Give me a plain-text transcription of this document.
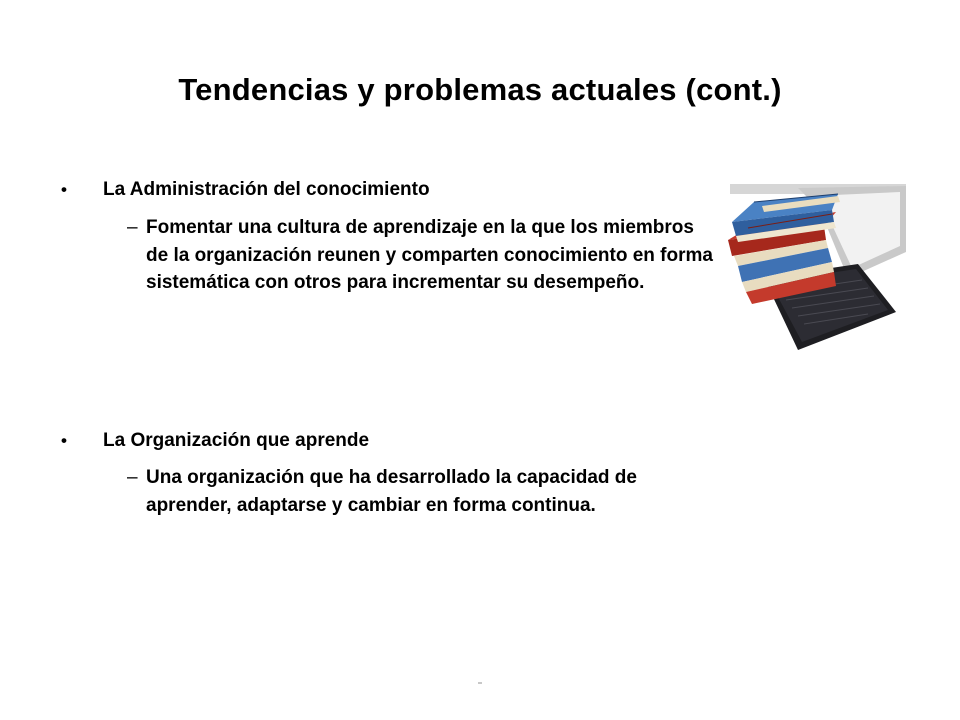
Tendencias y problemas actuales (cont.)
• La Administración del conocimiento
– Fomentar una cultura de aprendizaje en la que los miembros de la organización reunen y comparten conocimiento en forma sistemática con otros para incrementar su desempeño.
• La Organización que aprende
– Una organización que ha desarrollado la capacidad de aprender, adaptarse y cambiar en forma continua.
